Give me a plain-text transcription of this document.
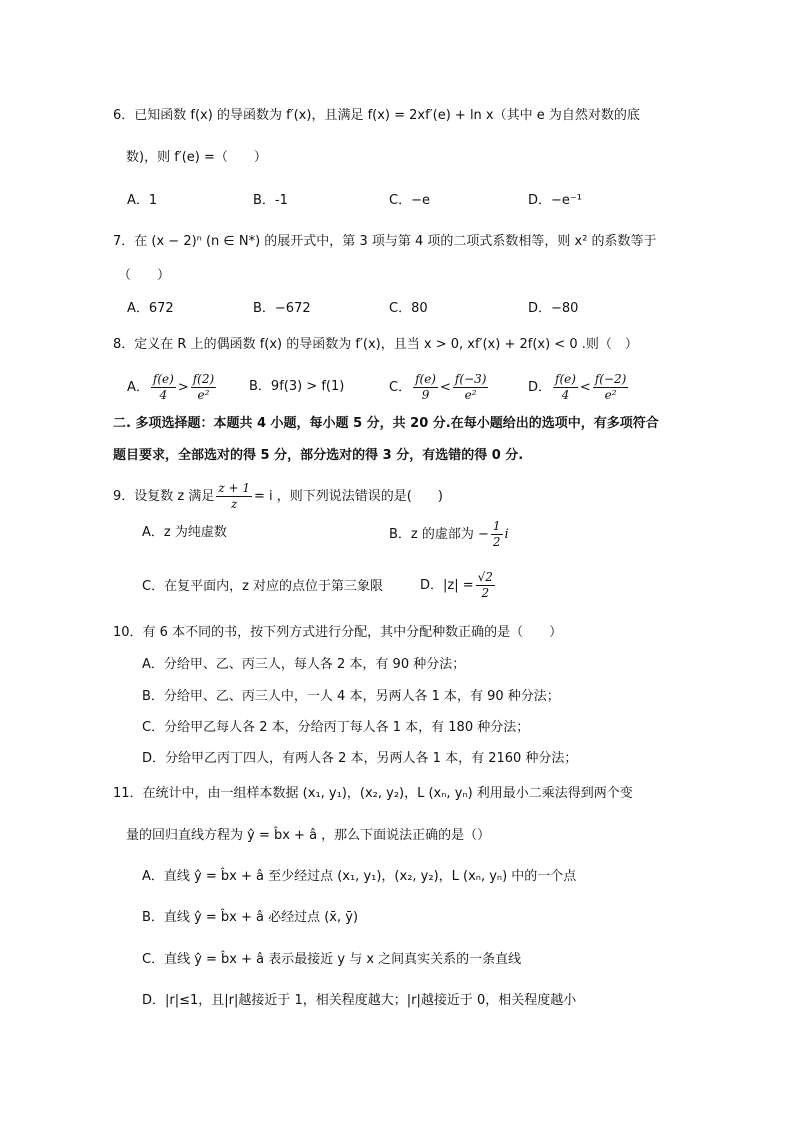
6．已知函数 f(x) 的导函数为 f′(x)，且满足 f(x) = 2xf′(e) + ln x（其中 e 为自然对数的底
数)，则 f′(e) =（　　）
A．1	B．-1	C．−e	D．−e⁻¹
7．在 (x − 2)ⁿ (n ∈ N*) 的展开式中，第 3 项与第 4 项的二项式系数相等，则 x² 的系数等于
（　　）
A．672	B．−672	C．80	D．−80
8．定义在 R 上的偶函数 f(x) 的导函数为 f′(x)，且当 x > 0, xf′(x) + 2f(x) < 0 .则（　）
A． $\frac{f(e)}{4} > \frac{f(2)}{\text{e²}}$	B．9f(3) > f(1)	C． $\frac{f(e)}{9} < \frac{f(-3)}{\text{e²}}$	D． $\frac{f(e)}{4} < \frac{f(-2)}{\text{e²}}$
二. 多项选择题：本题共 4 小题，每小题 5 分，共 20 分.在每小题给出的选项中，有多项符合
题目要求，全部选对的得 5 分，部分选对的得 3 分，有选错的得 0 分.
9．设复数 z 满足 $\frac{z + 1}{z} = i$ ，则下列说法错误的是(　　)
A．z 为纯虚数	B．z 的虚部为 − $\frac{1}{2}$ i
C．在复平面内，z 对应的点位于第三象限	D．$|z| = \frac{√2}{2}$
10．有 6 本不同的书，按下列方式进行分配，其中分配种数正确的是（　　）
A．分给甲、乙、丙三人，每人各 2 本，有 90 种分法；
B．分给甲、乙、丙三人中，一人 4 本，另两人各 1 本，有 90 种分法；
C．分给甲乙每人各 2 本，分给丙丁每人各 1 本，有 180 种分法；
D．分给甲乙丙丁四人，有两人各 2 本，另两人各 1 本，有 2160 种分法；
11．在统计中，由一组样本数据 (x₁, y₁)，(x₂, y₂)，L (xₙ, yₙ) 利用最小二乘法得到两个变
量的回归直线方程为 ŷ = b̂x + â ，那么下面说法正确的是（）
A．直线 ŷ = b̂x + â 至少经过点 (x₁, y₁)，(x₂, y₂)，L (xₙ, yₙ) 中的一个点
B．直线 ŷ = b̂x + â 必经过点 (x̄, ȳ)
C．直线 ŷ = b̂x + â 表示最接近 y 与 x 之间真实关系的一条直线
D．|r|≤1，且|r|越接近于 1，相关程度越大；|r|越接近于 0，相关程度越小
